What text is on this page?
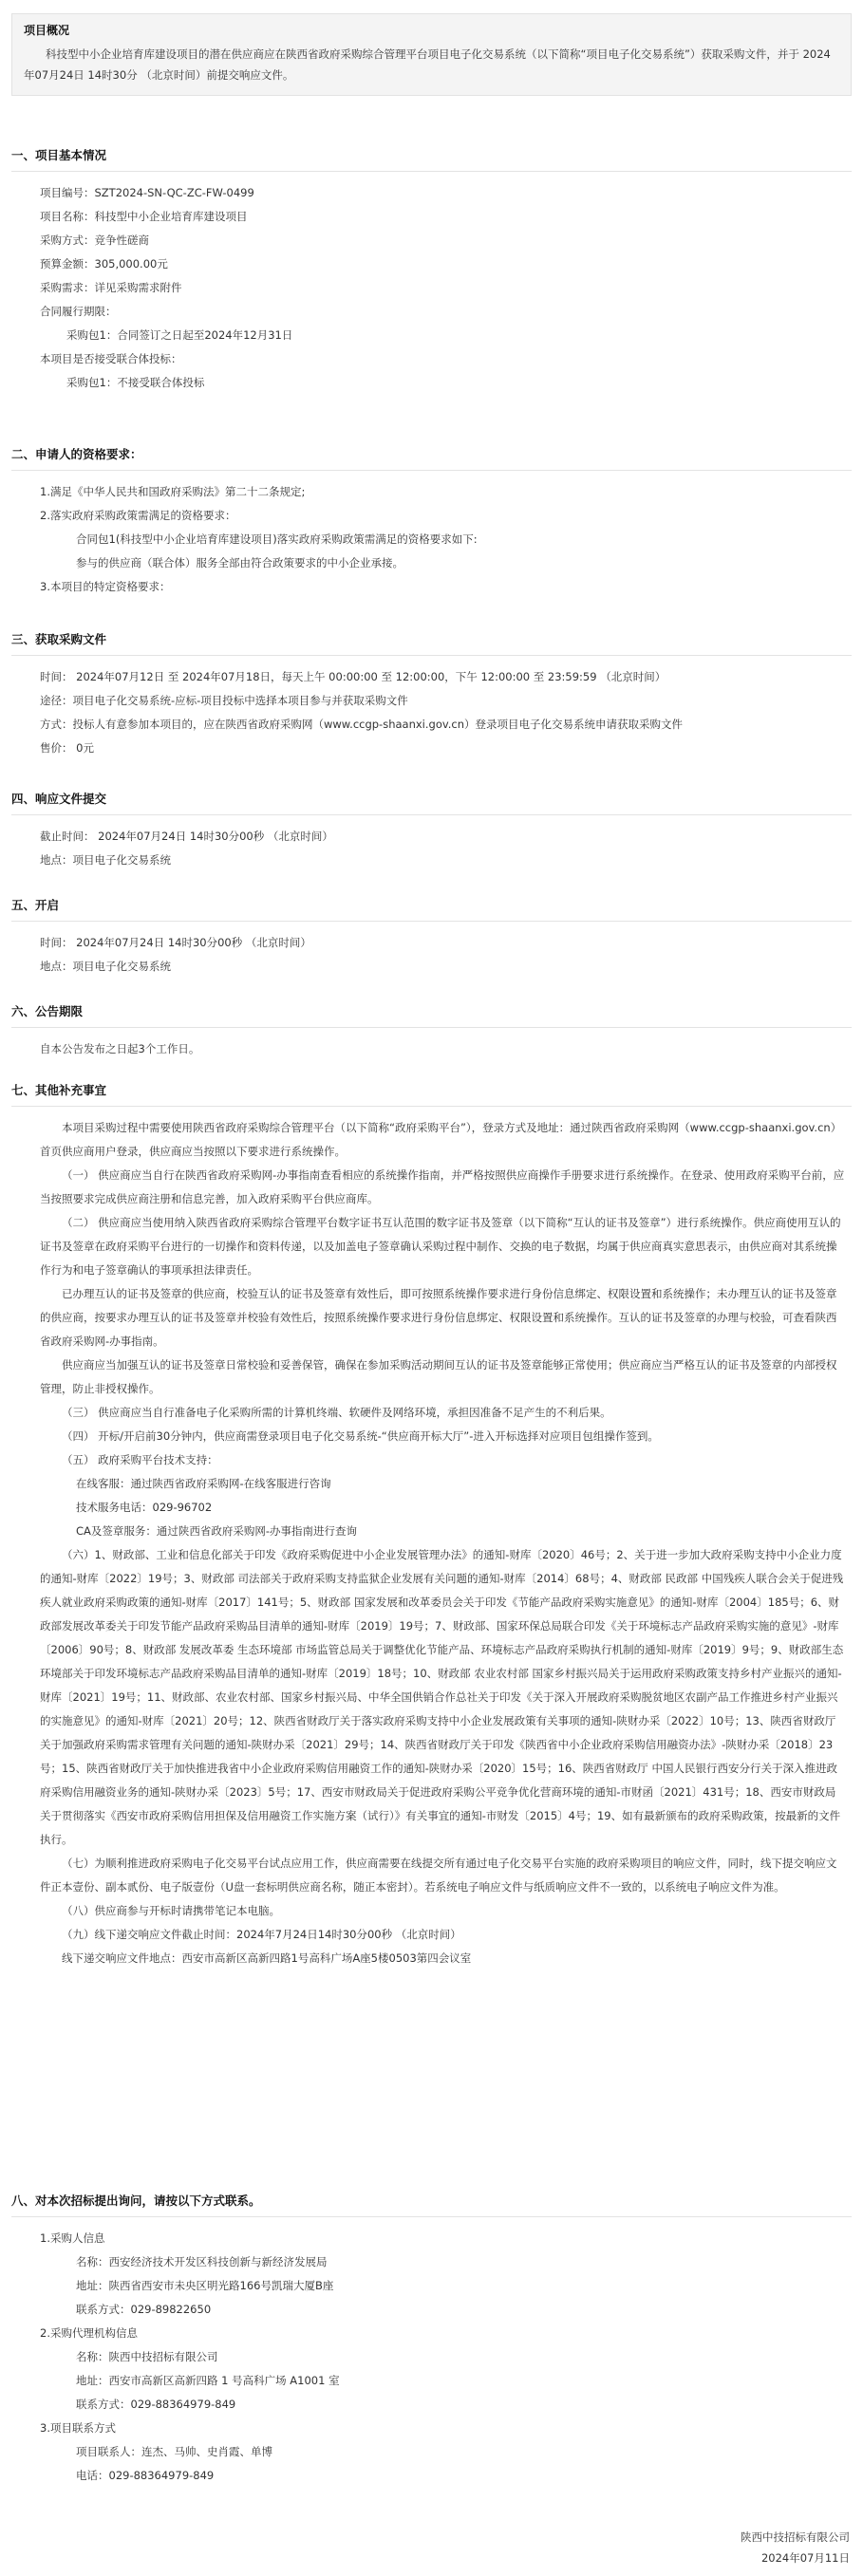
项目概况

科技型中小企业培育库建设项目的潜在供应商应在陕西省政府采购综合管理平台项目电子化交易系统（以下简称“项目电子化交易系统”）获取采购文件，并于 2024年07月24日 14时30分 （北京时间）前提交响应文件。

一、项目基本情况
项目编号：SZT2024-SN-QC-ZC-FW-0499
项目名称：科技型中小企业培育库建设项目
采购方式：竞争性磋商
预算金额：305,000.00元
采购需求：详见采购需求附件
合同履行期限：
采购包1：合同签订之日起至2024年12月31日
本项目是否接受联合体投标：
采购包1：不接受联合体投标
二、申请人的资格要求：
1.满足《中华人民共和国政府采购法》第二十二条规定;
2.落实政府采购政策需满足的资格要求：
合同包1(科技型中小企业培育库建设项目)落实政府采购政策需满足的资格要求如下:
参与的供应商（联合体）服务全部由符合政策要求的中小企业承接。
3.本项目的特定资格要求：
三、获取采购文件
时间： 2024年07月12日 至 2024年07月18日，每天上午 00:00:00 至 12:00:00，下午 12:00:00 至 23:59:59 （北京时间）
途径：项目电子化交易系统-应标-项目投标中选择本项目参与并获取采购文件
方式：投标人有意参加本项目的，应在陕西省政府采购网（www.ccgp-shaanxi.gov.cn）登录项目电子化交易系统申请获取采购文件
售价： 0元
四、响应文件提交
截止时间： 2024年07月24日 14时30分00秒 （北京时间）
地点：项目电子化交易系统
五、开启
时间： 2024年07月24日 14时30分00秒 （北京时间）
地点：项目电子化交易系统
六、公告期限
自本公告发布之日起3个工作日。
七、其他补充事宜
本项目采购过程中需要使用陕西省政府采购综合管理平台（以下简称“政府采购平台”），登录方式及地址：通过陕西省政府采购网（www.ccgp-shaanxi.gov.cn）首页供应商用户登录，供应商应当按照以下要求进行系统操作。
（一） 供应商应当自行在陕西省政府采购网-办事指南查看相应的系统操作指南，并严格按照供应商操作手册要求进行系统操作。在登录、使用政府采购平台前，应当按照要求完成供应商注册和信息完善，加入政府采购平台供应商库。
（二） 供应商应当使用纳入陕西省政府采购综合管理平台数字证书互认范围的数字证书及签章（以下简称“互认的证书及签章”）进行系统操作。供应商使用互认的证书及签章在政府采购平台进行的一切操作和资料传递，以及加盖电子签章确认采购过程中制作、交换的电子数据，均属于供应商真实意思表示，由供应商对其系统操作行为和电子签章确认的事项承担法律责任。
已办理互认的证书及签章的供应商，校验互认的证书及签章有效性后，即可按照系统操作要求进行身份信息绑定、权限设置和系统操作；未办理互认的证书及签章的供应商，按要求办理互认的证书及签章并校验有效性后，按照系统操作要求进行身份信息绑定、权限设置和系统操作。互认的证书及签章的办理与校验，可查看陕西省政府采购网-办事指南。
供应商应当加强互认的证书及签章日常校验和妥善保管，确保在参加采购活动期间互认的证书及签章能够正常使用；供应商应当严格互认的证书及签章的内部授权管理，防止非授权操作。
（三） 供应商应当自行准备电子化采购所需的计算机终端、软硬件及网络环境，承担因准备不足产生的不利后果。
（四） 开标/开启前30分钟内，供应商需登录项目电子化交易系统-“供应商开标大厅”-进入开标选择对应项目包组操作签到。
（五） 政府采购平台技术支持：
在线客服：通过陕西省政府采购网-在线客服进行咨询
技术服务电话：029-96702
CA及签章服务：通过陕西省政府采购网-办事指南进行查询
（六）1、财政部、工业和信息化部关于印发《政府采购促进中小企业发展管理办法》的通知-财库〔2020〕46号；2、关于进一步加大政府采购支持中小企业力度的通知-财库〔2022〕19号；3、财政部 司法部关于政府采购支持监狱企业发展有关问题的通知-财库〔2014〕68号；4、财政部 民政部 中国残疾人联合会关于促进残疾人就业政府采购政策的通知-财库〔2017〕141号；5、财政部 国家发展和改革委员会关于印发《节能产品政府采购实施意见》的通知-财库〔2004〕185号；6、财政部发展改革委关于印发节能产品政府采购品目清单的通知-财库〔2019〕19号；7、财政部、国家环保总局联合印发《关于环境标志产品政府采购实施的意见》-财库〔2006〕90号；8、财政部 发展改革委 生态环境部 市场监管总局关于调整优化节能产品、环境标志产品政府采购执行机制的通知-财库〔2019〕9号；9、财政部生态环境部关于印发环境标志产品政府采购品目清单的通知-财库〔2019〕18号；10、财政部 农业农村部 国家乡村振兴局关于运用政府采购政策支持乡村产业振兴的通知-财库〔2021〕19号；11、财政部、农业农村部、国家乡村振兴局、中华全国供销合作总社关于印发《关于深入开展政府采购脱贫地区农副产品工作推进乡村产业振兴的实施意见》的通知-财库〔2021〕20号；12、陕西省财政厅关于落实政府采购支持中小企业发展政策有关事项的通知-陕财办采〔2022〕10号；13、陕西省财政厅关于加强政府采购需求管理有关问题的通知-陕财办采〔2021〕29号；14、陕西省财政厅关于印发《陕西省中小企业政府采购信用融资办法》-陕财办采〔2018〕23号；15、陕西省财政厅关于加快推进我省中小企业政府采购信用融资工作的通知-陕财办采〔2020〕15号；16、陕西省财政厅 中国人民银行西安分行关于深入推进政府采购信用融资业务的通知-陕财办采〔2023〕5号；17、西安市财政局关于促进政府采购公平竞争优化营商环境的通知-市财函〔2021〕431号；18、西安市财政局关于贯彻落实《西安市政府采购信用担保及信用融资工作实施方案（试行）》有关事宜的通知-市财发〔2015〕4号；19、如有最新颁布的政府采购政策，按最新的文件执行。
（七）为顺利推进政府采购电子化交易平台试点应用工作，供应商需要在线提交所有通过电子化交易平台实施的政府采购项目的响应文件，同时，线下提交响应文件正本壹份、副本贰份、电子版壹份（U盘一套标明供应商名称，随正本密封）。若系统电子响应文件与纸质响应文件不一致的，以系统电子响应文件为准。
（八）供应商参与开标时请携带笔记本电脑。
（九）线下递交响应文件截止时间：2024年7月24日14时30分00秒 （北京时间）
线下递交响应文件地点：西安市高新区高新四路1号高科广场A座5楼0503第四会议室
八、对本次招标提出询问，请按以下方式联系。
1.采购人信息
名称：西安经济技术开发区科技创新与新经济发展局
地址：陕西省西安市未央区明光路166号凯瑞大厦B座
联系方式：029-89822650
2.采购代理机构信息
名称：陕西中技招标有限公司
地址：西安市高新区高新四路 1 号高科广场 A1001 室
联系方式：029-88364979-849
3.项目联系方式
项目联系人：连杰、马帅、史肖霞、单博
电话：029-88364979-849
陕西中技招标有限公司
2024年07月11日
